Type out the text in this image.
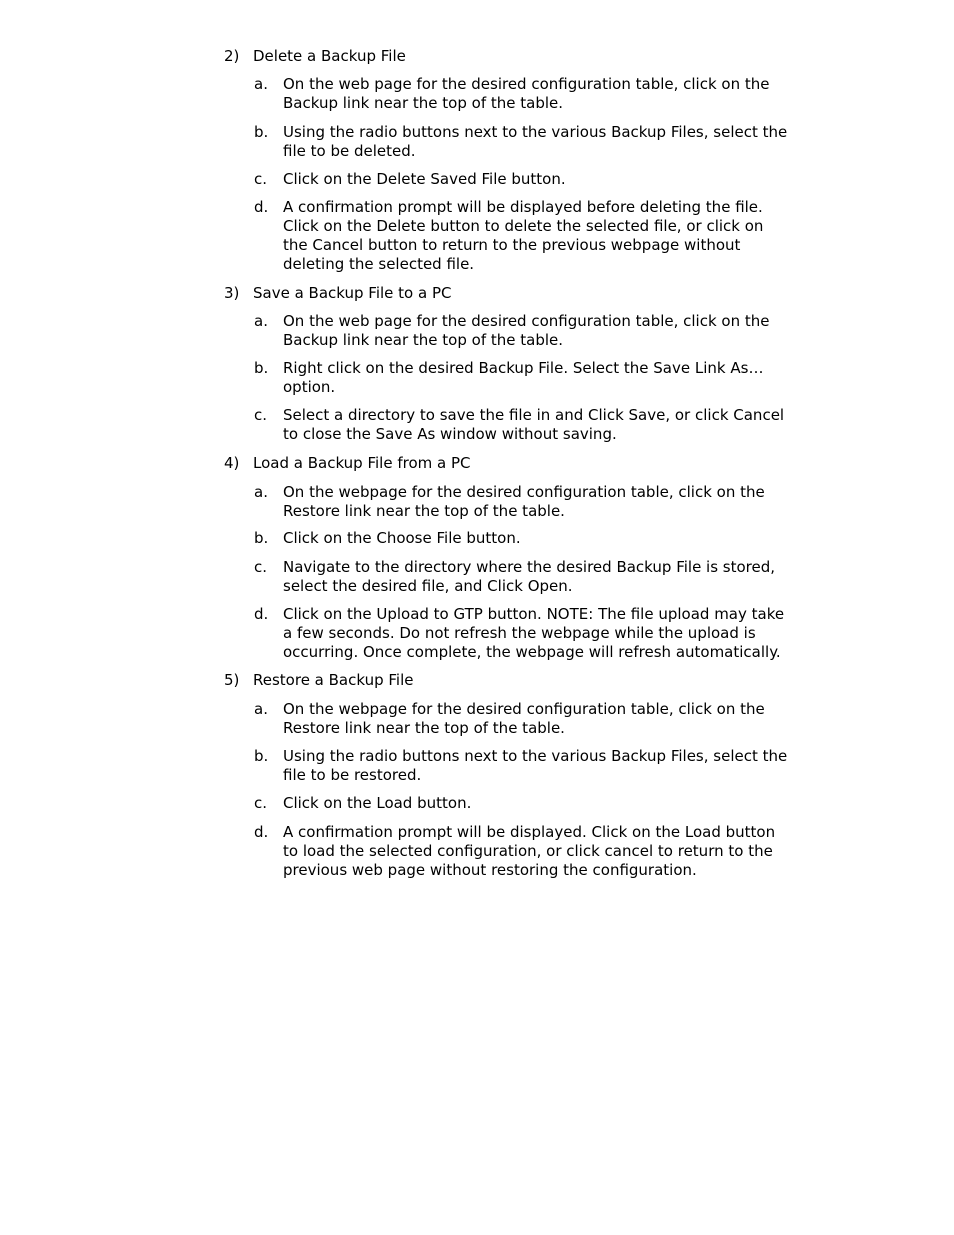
2) Delete a Backup File
a.	On the web page for the desired configuration table, click on the
Backup link near the top of the table.
b. Using the radio buttons next to the various Backup Files, select the
file to be deleted.
c.	Click on the Delete Saved File button.
d. A confirmation prompt will be displayed before deleting the file.
Click on the Delete button to delete the selected file, or click on
the Cancel button to return to the previous webpage without
deleting the selected file.
3) Save a Backup File to a PC
a.	On the web page for the desired configuration table, click on the
Backup link near the top of the table.
b. Right click on the desired Backup File. Select the Save Link As…
option.
c.	Select a directory to save the file in and Click Save, or click Cancel
to close the Save As window without saving.
4) Load a Backup File from a PC
a.	On the webpage for the desired configuration table, click on the
Restore link near the top of the table.
b. Click on the Choose File button.
c.	Navigate to the directory where the desired Backup File is stored,
select the desired file, and Click Open.
d. Click on the Upload to GTP button. NOTE: The file upload may take
a few seconds. Do not refresh the webpage while the upload is
occurring. Once complete, the webpage will refresh automatically.
5) Restore a Backup File
a.	On the webpage for the desired configuration table, click on the
Restore link near the top of the table.
b. Using the radio buttons next to the various Backup Files, select the
file to be restored.
c.	Click on the Load button.
d. A confirmation prompt will be displayed. Click on the Load button
to load the selected configuration, or click cancel to return to the
previous web page without restoring the configuration.
